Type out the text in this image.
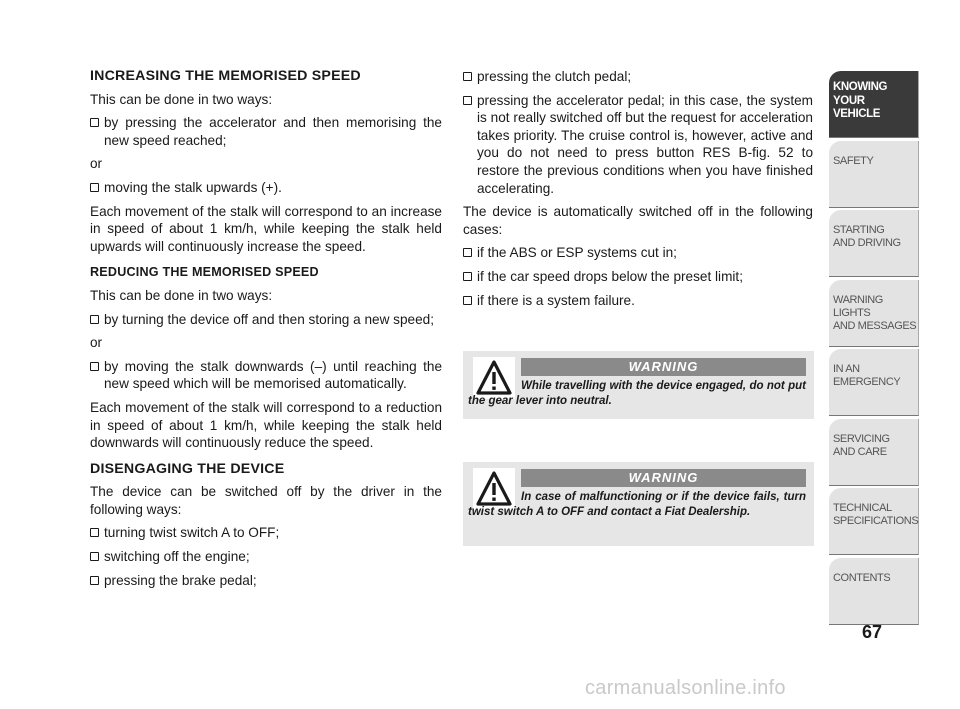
INCREASING THE MEMORISED SPEED

This can be done in two ways:

by pressing the accelerator and then memorising the new speed reached;

or

moving the stalk upwards (+).

Each movement of the stalk will correspond to an increase in speed of about 1 km/h, while keeping the stalk held upwards will continuously increase the speed.

REDUCING THE MEMORISED SPEED

This can be done in two ways:

by turning the device off and then storing a new speed;

or

by moving the stalk downwards (–) until reaching the new speed which will be memorised automatically.

Each movement of the stalk will correspond to a reduction in speed of about 1 km/h, while keeping the stalk held downwards will continuously reduce the speed.

DISENGAGING THE DEVICE

The device can be switched off by the driver in the following ways:

turning twist switch A to OFF;
switching off the engine;
pressing the brake pedal;
pressing the clutch pedal;
pressing the accelerator pedal; in this case, the system is not really switched off but the request for acceleration takes priority. The cruise control is, however, active and you do not need to press button RES B-fig. 52 to restore the previous conditions when you have finished accelerating.

The device is automatically switched off in the following cases:

if the ABS or ESP systems cut in;
if the car speed drops below the preset limit;
if there is a system failure.
WARNING
While travelling with the device engaged, do not put the gear lever into neutral.
WARNING
In case of malfunctioning or if the device fails, turn twist switch A to OFF and contact a Fiat Dealership.
KNOWING
YOUR
VEHICLE
SAFETY
STARTING
AND DRIVING
WARNING LIGHTS
AND MESSAGES
IN AN
EMERGENCY
SERVICING
AND CARE
TECHNICAL
SPECIFICATIONS
CONTENTS
67
carmanualsonline.info
